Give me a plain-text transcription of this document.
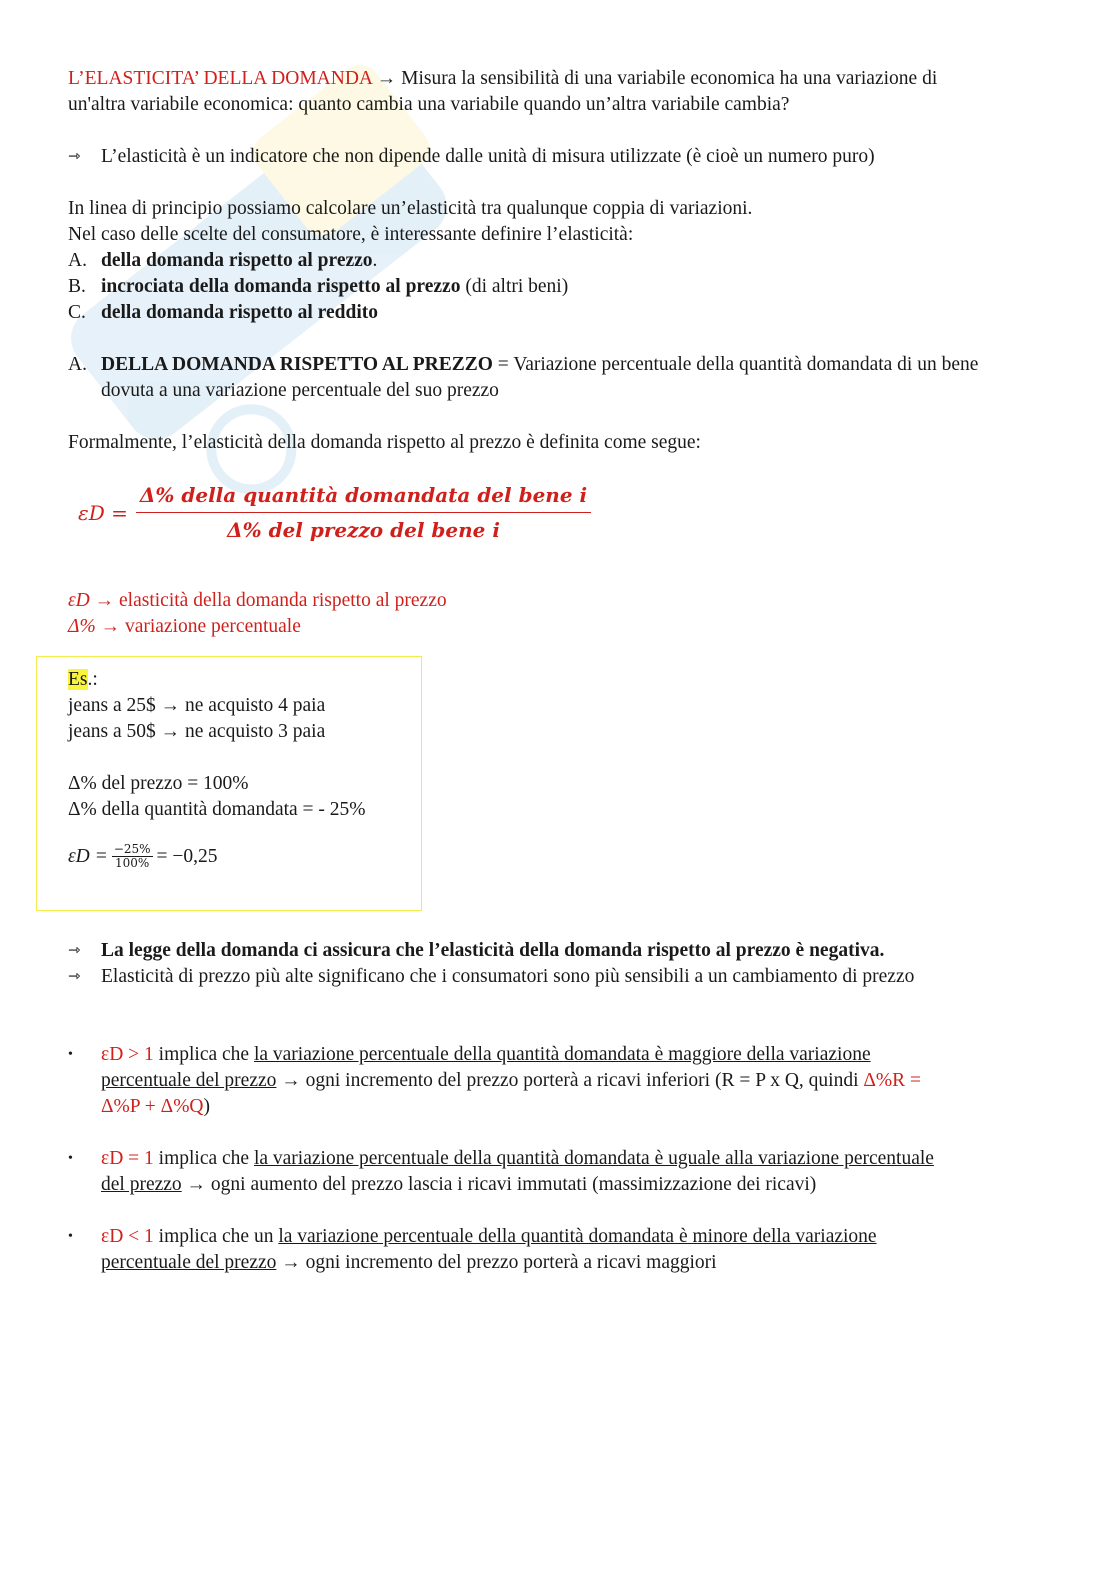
L’ELASTICITA’ DELLA DOMANDA → Misura la sensibilità di una variabile economica ha una variazione di
un'altra variabile economica: quanto cambia una variabile quando un’altra variabile cambia?
⇾	L’elasticità è un indicatore che non dipende dalle unità di misura utilizzate (è cioè un numero puro)
In linea di principio possiamo calcolare un’elasticità tra qualunque coppia di variazioni.
Nel caso delle scelte del consumatore, è interessante definire l’elasticità:
A. della domanda rispetto al prezzo.
B. incrociata della domanda rispetto al prezzo (di altri beni)
C. della domanda rispetto al reddito
A. DELLA DOMANDA RISPETTO AL PREZZO = Variazione percentuale della quantità domandata di un bene
dovuta a una variazione percentuale del suo prezzo
Formalmente, l’elasticità della domanda rispetto al prezzo è definita come segue:
εD → elasticità della domanda rispetto al prezzo
Δ% → variazione percentuale
⇾	La legge della domanda ci assicura che l’elasticità della domanda rispetto al prezzo è negativa.
⇾	Elasticità di prezzo più alte significano che i consumatori sono più sensibili a un cambiamento di prezzo
•	εD > 1 implica che la variazione percentuale della quantità domandata è maggiore della variazione
percentuale del prezzo → ogni incremento del prezzo porterà a ricavi inferiori (R = P x Q, quindi Δ%R =
Δ%P + Δ%Q)
•	εD = 1 implica che la variazione percentuale della quantità domandata è uguale alla variazione percentuale
del prezzo → ogni aumento del prezzo lascia i ricavi immutati (massimizzazione dei ricavi)
•	εD < 1 implica che un la variazione percentuale della quantità domandata è minore della variazione
percentuale del prezzo → ogni incremento del prezzo porterà a ricavi maggiori
$\varepsilon D = \frac{\text{Δ\% della quantità domandata del bene i}}{\text{Δ\% del prezzo del bene i}}$
Es.:
jeans a 25$ → ne acquisto 4 paia
jeans a 50$ → ne acquisto 3 paia
Δ% del prezzo = 100%
Δ% della quantità domandata = - 25%
$\varepsilon D = \frac{-25\%}{100\%} = -0,25$
